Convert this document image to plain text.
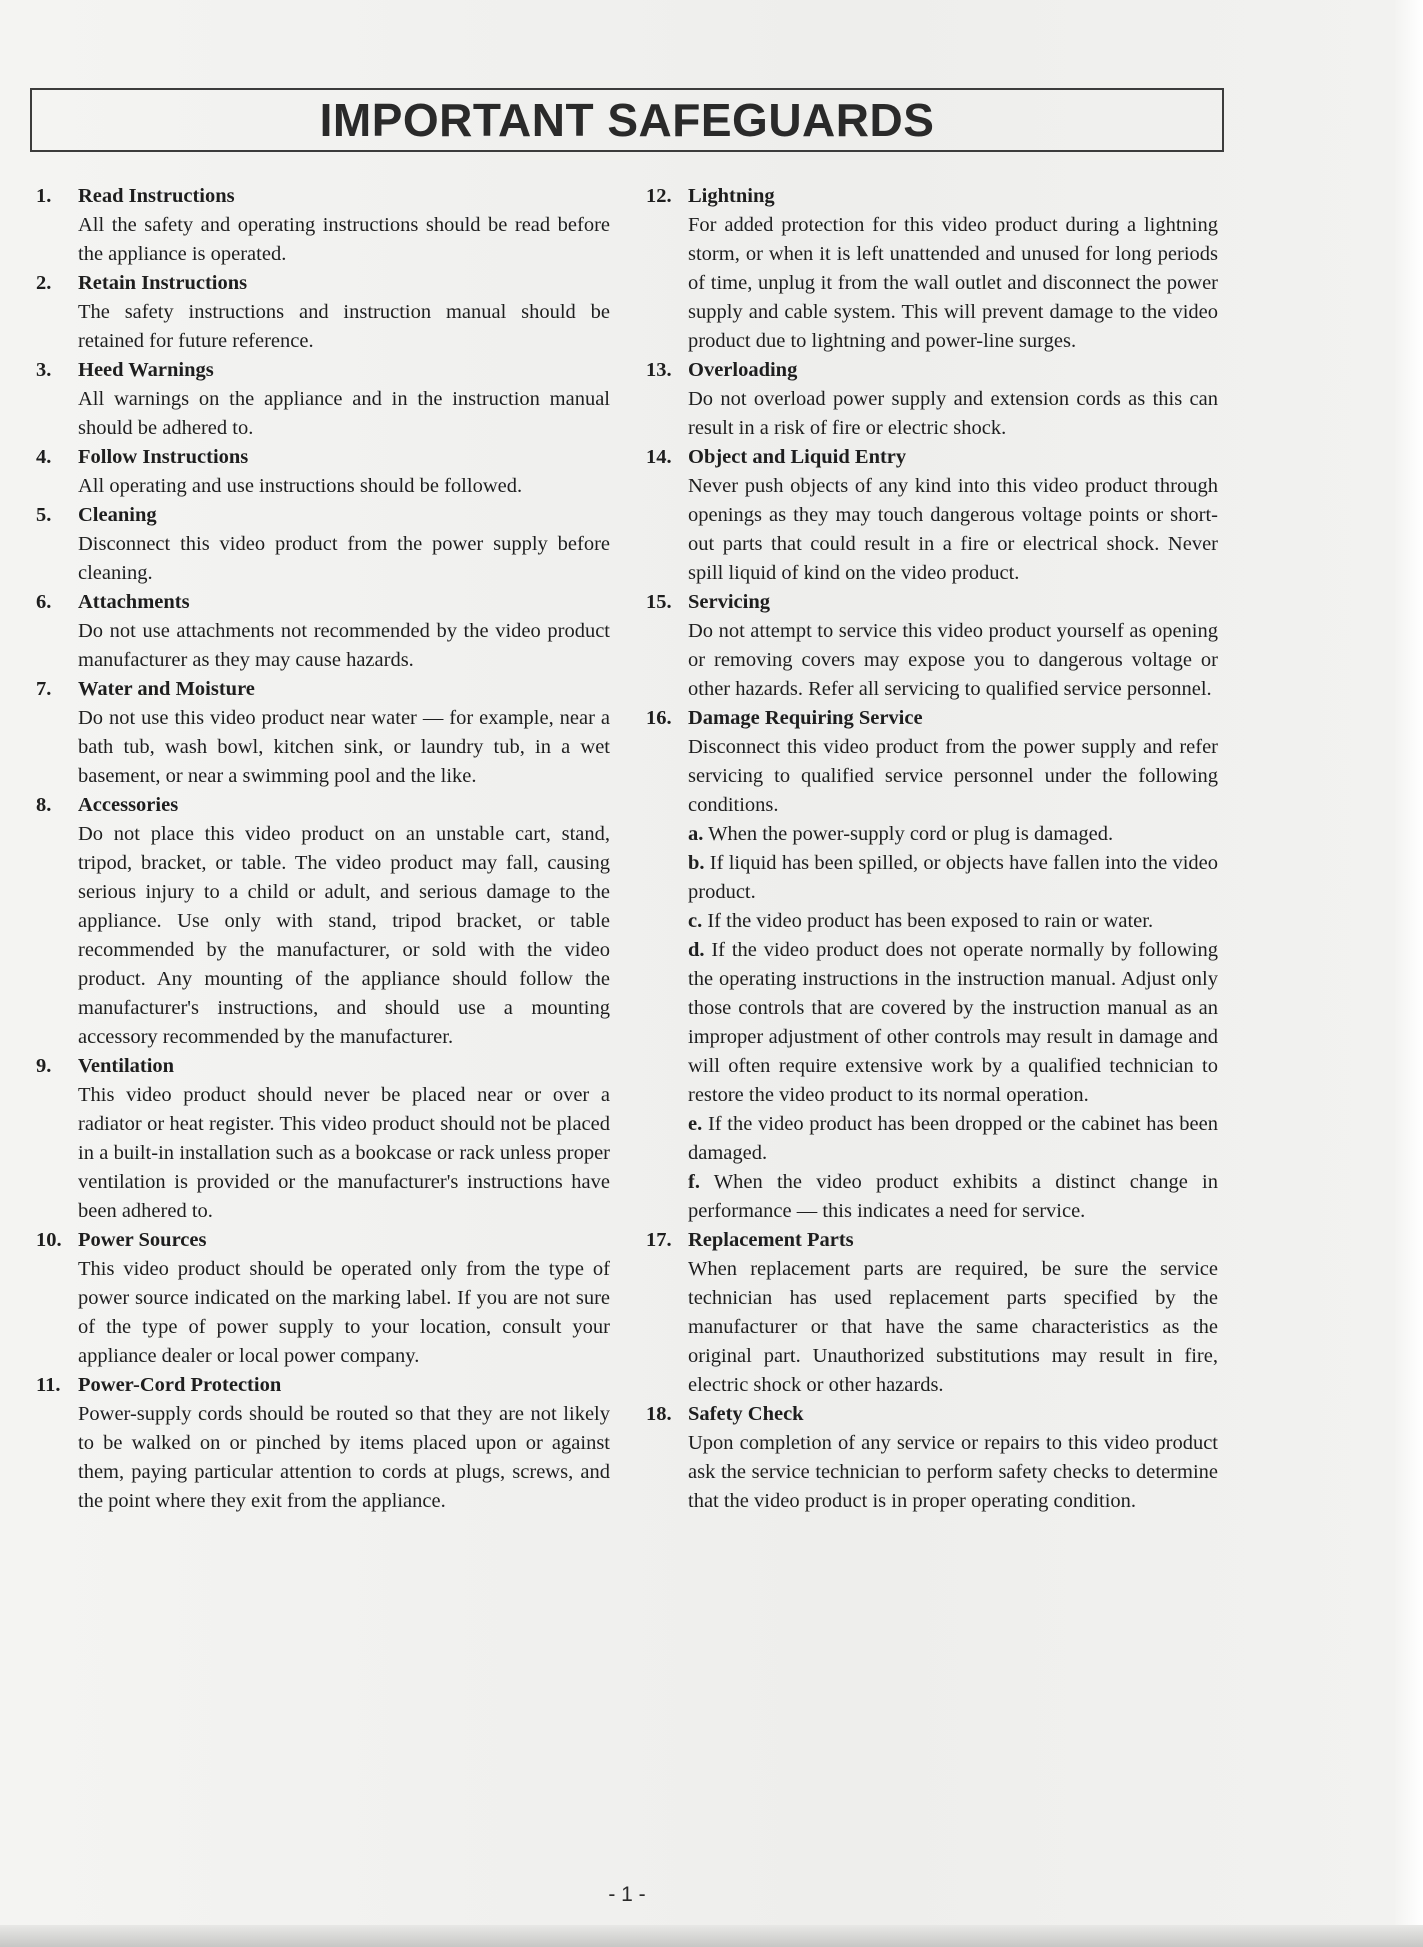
IMPORTANT SAFEGUARDS
1.	Read Instructions
All the safety and operating instructions should be read before the appliance is operated.
2.	Retain Instructions
The safety instructions and instruction manual should be retained for future reference.
3.	Heed Warnings
All warnings on the appliance and in the instruction manual should be adhered to.
4.	Follow Instructions
All operating and use instructions should be followed.
5.	Cleaning
Disconnect this video product from the power supply before cleaning.
6.	Attachments
Do not use attachments not recommended by the video product manufacturer as they may cause hazards.
7.	Water and Moisture
Do not use this video product near water — for example, near a bath tub, wash bowl, kitchen sink, or laundry tub, in a wet basement, or near a swimming pool and the like.
8.	Accessories
Do not place this video product on an unstable cart, stand, tripod, bracket, or table. The video product may fall, causing serious injury to a child or adult, and serious damage to the appliance. Use only with stand, tripod bracket, or table recommended by the manufacturer, or sold with the video product. Any mounting of the appliance should follow the manufacturer's instructions, and should use a mounting accessory recommended by the manufacturer.
9.	Ventilation
This video product should never be placed near or over a radiator or heat register. This video product should not be placed in a built-in installation such as a bookcase or rack unless proper ventilation is provided or the manufacturer's instructions have been adhered to.
10. Power Sources
This video product should be operated only from the type of power source indicated on the marking label. If you are not sure of the type of power supply to your location, consult your appliance dealer or local power company.
11. Power-Cord Protection
Power-supply cords should be routed so that they are not likely to be walked on or pinched by items placed upon or against them, paying particular attention to cords at plugs, screws, and the point where they exit from the appliance.
12. Lightning
For added protection for this video product during a lightning storm, or when it is left unattended and unused for long periods of time, unplug it from the wall outlet and disconnect the power supply and cable system. This will prevent damage to the video product due to lightning and power-line surges.
13. Overloading
Do not overload power supply and extension cords as this can result in a risk of fire or electric shock.
14. Object and Liquid Entry
Never push objects of any kind into this video product through openings as they may touch dangerous voltage points or short-out parts that could result in a fire or electrical shock. Never spill liquid of kind on the video product.
15. Servicing
Do not attempt to service this video product yourself as opening or removing covers may expose you to dangerous voltage or other hazards. Refer all servicing to qualified service personnel.
16. Damage Requiring Service
Disconnect this video product from the power supply and refer servicing to qualified service personnel under the following conditions.
a. When the power-supply cord or plug is damaged.
b. If liquid has been spilled, or objects have fallen into the video product.
c. If the video product has been exposed to rain or water.
d. If the video product does not operate normally by following the operating instructions in the instruction manual. Adjust only those controls that are covered by the instruction manual as an improper adjustment of other controls may result in damage and will often require extensive work by a qualified technician to restore the video product to its normal operation.
e. If the video product has been dropped or the cabinet has been damaged.
f. When the video product exhibits a distinct change in performance — this indicates a need for service.
17. Replacement Parts
When replacement parts are required, be sure the service technician has used replacement parts specified by the manufacturer or that have the same characteristics as the original part. Unauthorized substitutions may result in fire, electric shock or other hazards.
18. Safety Check
Upon completion of any service or repairs to this video product ask the service technician to perform safety checks to determine that the video product is in proper operating condition.
- 1 -
